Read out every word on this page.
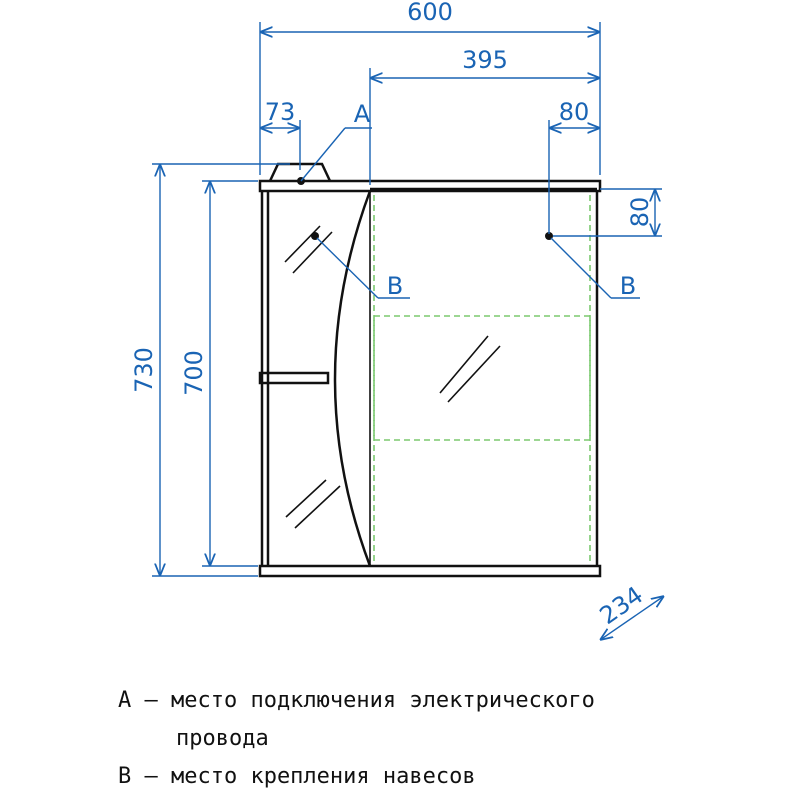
600
395
73	80
80
730 700
234
A
B	B
A – место подключения электрического
провода
B – место крепления навесов
